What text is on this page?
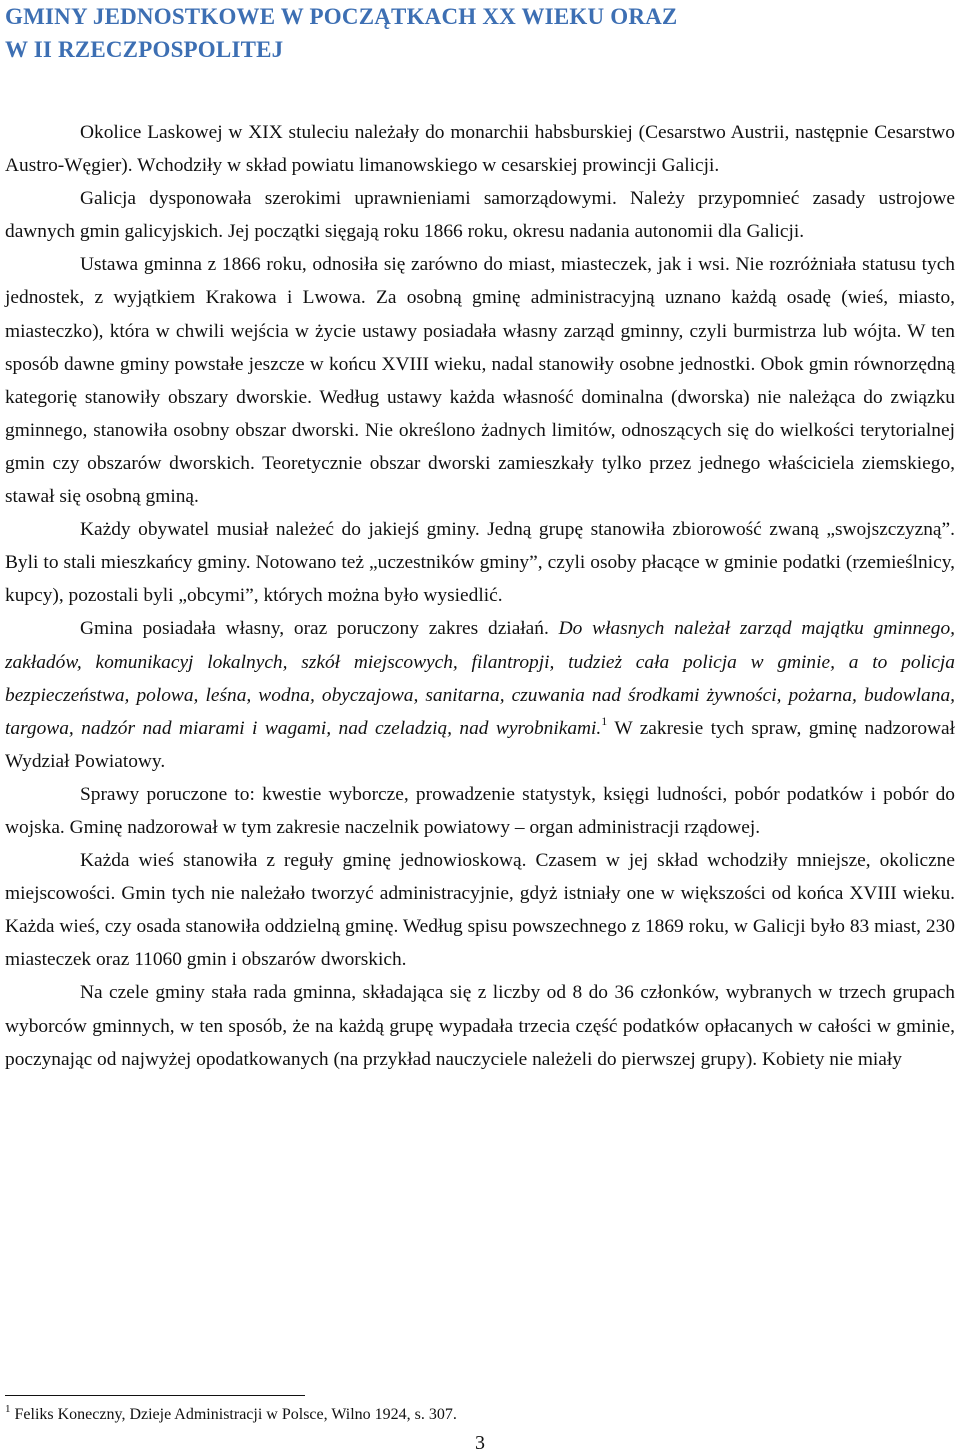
GMINY JEDNOSTKOWE W POCZĄTKACH XX WIEKU ORAZ
W II RZECZPOSPOLITEJ

Okolice Laskowej w XIX stuleciu należały do monarchii habsburskiej (Cesarstwo Austrii, następnie Cesarstwo Austro-Węgier). Wchodziły w skład powiatu limanowskiego w cesarskiej prowincji Galicji.

Galicja dysponowała szerokimi uprawnieniami samorządowymi. Należy przypomnieć zasady ustrojowe dawnych gmin galicyjskich. Jej początki sięgają roku 1866 roku, okresu nadania autonomii dla Galicji.

Ustawa gminna z 1866 roku, odnosiła się zarówno do miast, miasteczek, jak i wsi. Nie rozróżniała statusu tych jednostek, z wyjątkiem Krakowa i Lwowa. Za osobną gminę administracyjną uznano każdą osadę (wieś, miasto, miasteczko), która w chwili wejścia w życie ustawy posiadała własny zarząd gminny, czyli burmistrza lub wójta. W ten sposób dawne gminy powstałe jeszcze w końcu XVIII wieku, nadal stanowiły osobne jednostki. Obok gmin równorzędną kategorię stanowiły obszary dworskie. Według ustawy każda własność dominalna (dworska) nie należąca do związku gminnego, stanowiła osobny obszar dworski. Nie określono żadnych limitów, odnoszących się do wielkości terytorialnej gmin czy obszarów dworskich. Teoretycznie obszar dworski zamieszkały tylko przez jednego właściciela ziemskiego, stawał się osobną gminą.

Każdy obywatel musiał należeć do jakiejś gminy. Jedną grupę stanowiła zbiorowość zwaną „swojszczyzną”. Byli to stali mieszkańcy gminy. Notowano też „uczestników gminy”, czyli osoby płacące w gminie podatki (rzemieślnicy, kupcy), pozostali byli „obcymi”, których można było wysiedlić.

Gmina posiadała własny, oraz poruczony zakres działań. Do własnych należał zarząd majątku gminnego, zakładów, komunikacyj lokalnych, szkół miejscowych, filantropji, tudzież cała policja w gminie, a to policja bezpieczeństwa, polowa, leśna, wodna, obyczajowa, sanitarna, czuwania nad środkami żywności, pożarna, budowlana, targowa, nadzór nad miarami i wagami, nad czeladzią, nad wyrobnikami.$^1$ W zakresie tych spraw, gminę nadzorował Wydział Powiatowy.

Sprawy poruczone to: kwestie wyborcze, prowadzenie statystyk, księgi ludności, pobór podatków i pobór do wojska. Gminę nadzorował w tym zakresie naczelnik powiatowy – organ administracji rządowej.

Każda wieś stanowiła z reguły gminę jednowioskową. Czasem w jej skład wchodziły mniejsze, okoliczne miejscowości. Gmin tych nie należało tworzyć administracyjnie, gdyż istniały one w większości od końca XVIII wieku. Każda wieś, czy osada stanowiła oddzielną gminę. Według spisu powszechnego z 1869 roku, w Galicji było 83 miast, 230 miasteczek oraz 11060 gmin i obszarów dworskich.

Na czele gminy stała rada gminna, składająca się z liczby od 8 do 36 członków, wybranych w trzech grupach wyborców gminnych, w ten sposób, że na każdą grupę wypadała trzecia część podatków opłacanych w całości w gminie, poczynając od najwyżej opodatkowanych (na przykład nauczyciele należeli do pierwszej grupy). Kobiety nie miały

$^1$ Feliks Koneczny, Dzieje Administracji w Polsce, Wilno 1924, s. 307.
3
